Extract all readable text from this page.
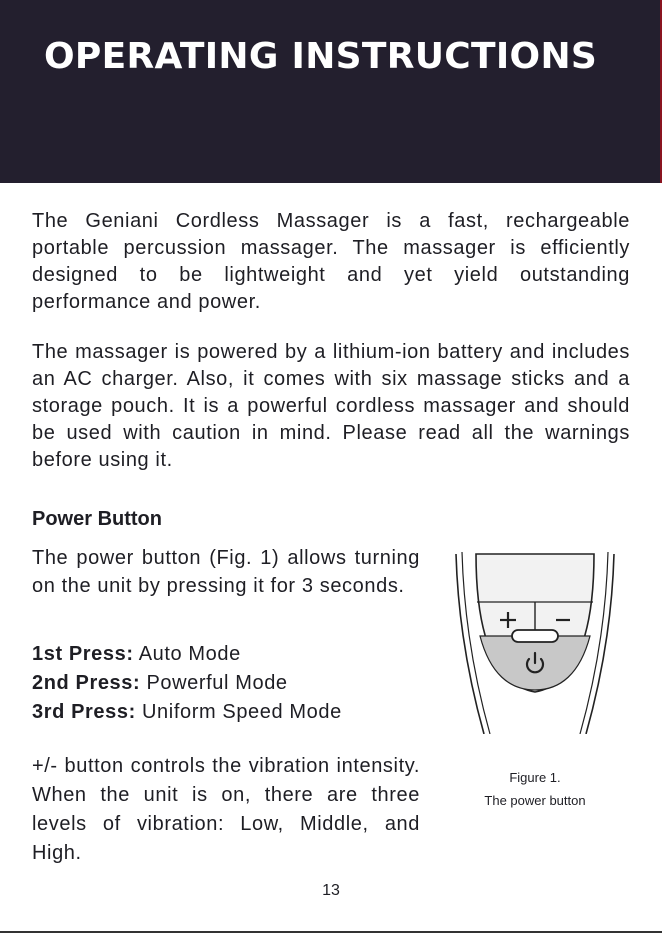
OPERATING INSTRUCTIONS

The Geniani Cordless Massager is a fast, rechargeable portable percussion massager. The massager is efficiently designed to be lightweight and yet yield outstanding performance and power.

The massager is powered by a lithium-ion battery and includes an AC charger. Also, it comes with six massage sticks and a storage pouch. It is a powerful cordless massager and should be used with caution in mind. Please read all the warnings before using it.

Power Button

The power button (Fig. 1) allows turning on the unit by pressing it for 3 seconds.

1st Press: Auto Mode
2nd Press: Powerful Mode
3rd Press: Uniform Speed Mode

+/- button controls the vibration intensity. When the unit is on, there are three levels of vibration: Low, Middle, and High.

Figure 1.

The power button

13
